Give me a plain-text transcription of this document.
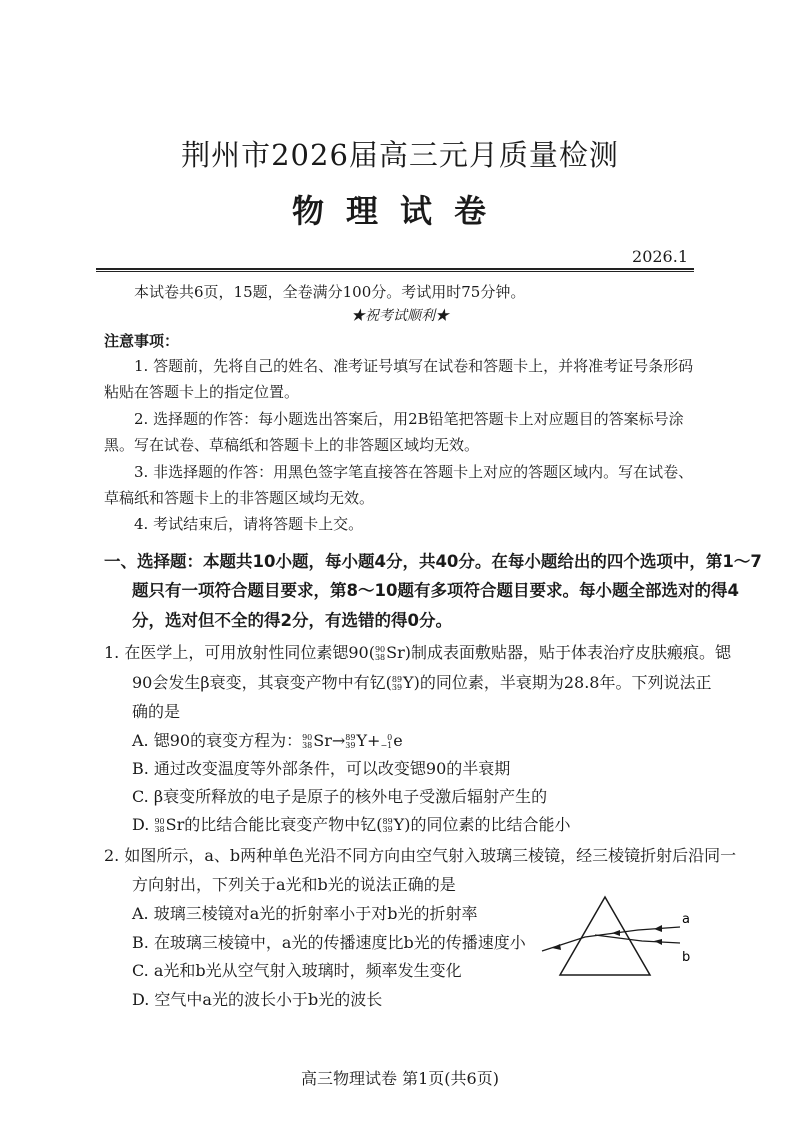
荆州市2026届高三元月质量检测
物理试卷
2026.1
本试卷共6页，15题，全卷满分100分。考试用时75分钟。
★祝考试顺利★
注意事项：
1. 答题前，先将自己的姓名、准考证号填写在试卷和答题卡上，并将准考证号条形码
粘贴在答题卡上的指定位置。
2. 选择题的作答：每小题选出答案后，用2B铅笔把答题卡上对应题目的答案标号涂
黑。写在试卷、草稿纸和答题卡上的非答题区域均无效。
3. 非选择题的作答：用黑色签字笔直接答在答题卡上对应的答题区域内。写在试卷、
草稿纸和答题卡上的非答题区域均无效。
4. 考试结束后，请将答题卡上交。
一、选择题：本题共10小题，每小题4分，共40分。在每小题给出的四个选项中，第1～7
题只有一项符合题目要求，第8～10题有多项符合题目要求。每小题全部选对的得4
分，选对但不全的得2分，有选错的得0分。
1. 在医学上，可用放射性同位素锶90(90
38Sr)制成表面敷贴器，贴于体表治疗皮肤瘢痕。锶
90会发生β衰变，其衰变产物中有钇(89
39Y)的同位素，半衰期为28.8年。下列说法正
确的是
A. 锶90的衰变方程为：90
38Sr→89
39Y+ 0
−1e
B. 通过改变温度等外部条件，可以改变锶90的半衰期
C. β衰变所释放的电子是原子的核外电子受激后辐射产生的
D. 90
38Sr的比结合能比衰变产物中钇(89
39Y)的同位素的比结合能小
2. 如图所示，a、b两种单色光沿不同方向由空气射入玻璃三棱镜，经三棱镜折射后沿同一
方向射出，下列关于a光和b光的说法正确的是
A. 玻璃三棱镜对a光的折射率小于对b光的折射率
B. 在玻璃三棱镜中，a光的传播速度比b光的传播速度小
C. a光和b光从空气射入玻璃时，频率发生变化
D. 空气中a光的波长小于b光的波长
a
b
高三物理试卷 第1页(共6页)
